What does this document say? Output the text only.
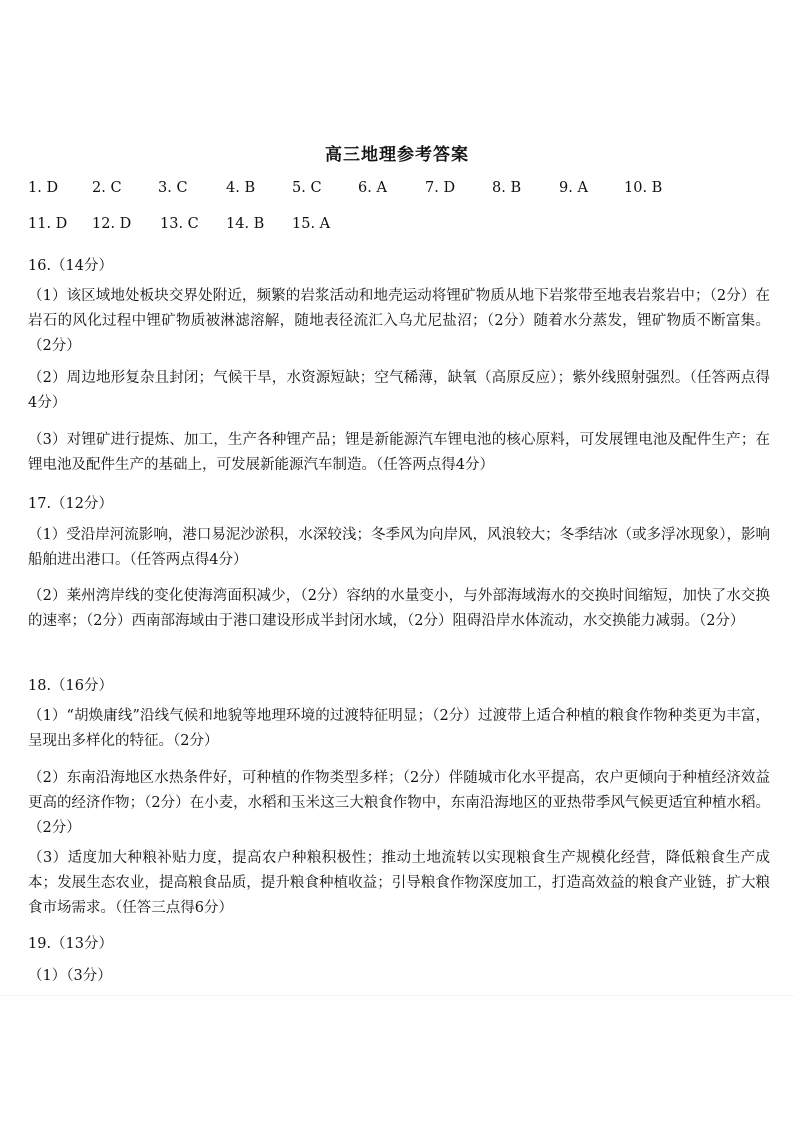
高三地理参考答案
1. D 2. C	3. C	4. B	5. C	6. A	7. D	8. B	9. A 10. B
11. D 12. D 13. C 14. B 15. A
16.（14分）

（1）该区域地处板块交界处附近，频繁的岩浆活动和地壳运动将锂矿物质从地下岩浆带至地表岩浆岩中；（2分）在岩石的风化过程中锂矿物质被淋滤溶解，随地表径流汇入乌尤尼盐沼；（2分）随着水分蒸发，锂矿物质不断富集。（2分）

（2）周边地形复杂且封闭；气候干旱，水资源短缺；空气稀薄，缺氧（高原反应）；紫外线照射强烈。（任答两点得4分）

（3）对锂矿进行提炼、加工，生产各种锂产品；锂是新能源汽车锂电池的核心原料，可发展锂电池及配件生产；在锂电池及配件生产的基础上，可发展新能源汽车制造。（任答两点得4分）

17.（12分）

（1）受沿岸河流影响，港口易泥沙淤积，水深较浅；冬季风为向岸风，风浪较大；冬季结冰（或多浮冰现象），影响船舶进出港口。（任答两点得4分）

（2）莱州湾岸线的变化使海湾面积减少，（2分）容纳的水量变小，与外部海域海水的交换时间缩短，加快了水交换的速率；（2分）西南部海域由于港口建设形成半封闭水域，（2分）阻碍沿岸水体流动，水交换能力减弱。（2分）

18.（16分）

（1）“胡焕庸线”沿线气候和地貌等地理环境的过渡特征明显；（2分）过渡带上适合种植的粮食作物种类更为丰富，呈现出多样化的特征。（2分）

（2）东南沿海地区水热条件好，可种植的作物类型多样；（2分）伴随城市化水平提高，农户更倾向于种植经济效益更高的经济作物；（2分）在小麦，水稻和玉米这三大粮食作物中，东南沿海地区的亚热带季风气候更适宜种植水稻。（2分）

（3）适度加大种粮补贴力度，提高农户种粮积极性；推动土地流转以实现粮食生产规模化经营，降低粮食生产成本；发展生态农业，提高粮食品质，提升粮食种植收益；引导粮食作物深度加工，打造高效益的粮食产业链，扩大粮食市场需求。（任答三点得6分）

19.（13分）
（1）（3分）
